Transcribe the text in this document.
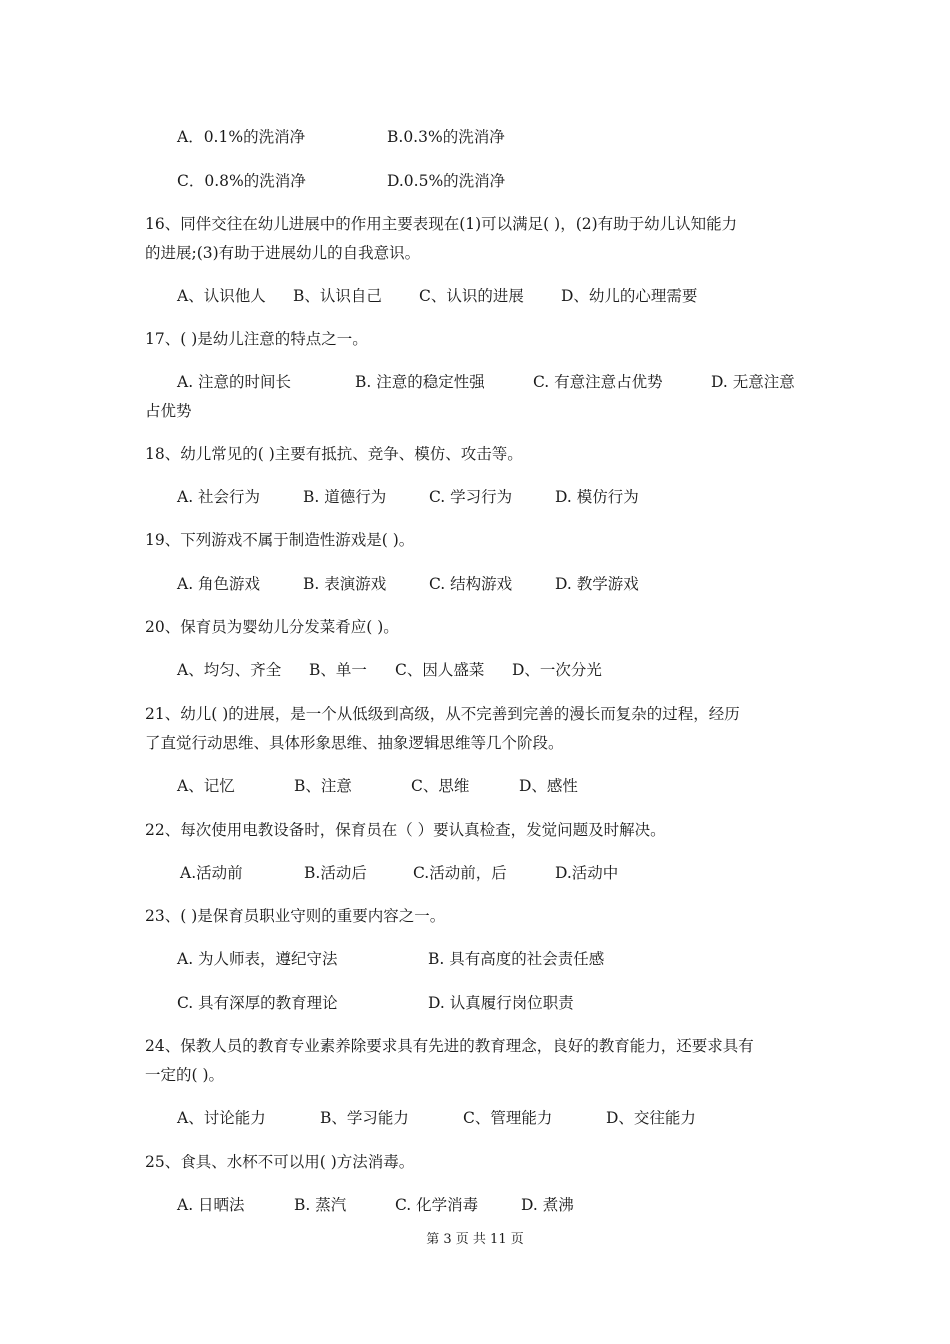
A．0.1%的洗消净	B.0.3%的洗消净
C．0.8%的洗消净	D.0.5%的洗消净
16、同伴交往在幼儿进展中的作用主要表现在(1)可以满足( )，(2)有助于幼儿认知能力
的进展;(3)有助于进展幼儿的自我意识。
A、认识他人	B、认识自己	C、认识的进展	D、幼儿的心理需要
17、( )是幼儿注意的特点之一。
A. 注意的时间长	B. 注意的稳定性强	C. 有意注意占优势	D. 无意注意
占优势
18、幼儿常见的( )主要有抵抗、竞争、模仿、攻击等。
A. 社会行为	B. 道德行为	C. 学习行为	D. 模仿行为
19、下列游戏不属于制造性游戏是( )。
A. 角色游戏	B. 表演游戏	C. 结构游戏	D. 教学游戏
20、保育员为婴幼儿分发菜肴应( )。
A、均匀、齐全	B、单一	C、因人盛菜	D、一次分光
21、幼儿( )的进展，是一个从低级到高级，从不完善到完善的漫长而复杂的过程，经历
了直觉行动思维、具体形象思维、抽象逻辑思维等几个阶段。
A、记忆	B、注意	C、思维	D、感性
22、每次使用电教设备时，保育员在（ ）要认真检查，发觉问题及时解决。
A.活动前	B.活动后	C.活动前，后	D.活动中
23、( )是保育员职业守则的重要内容之一。
A. 为人师表，遵纪守法	B. 具有高度的社会责任感
C. 具有深厚的教育理论	D. 认真履行岗位职责
24、保教人员的教育专业素养除要求具有先进的教育理念，良好的教育能力，还要求具有
一定的( )。
A、讨论能力	B、学习能力	C、管理能力	D、交往能力
25、食具、水杯不可以用( )方法消毒。
A. 日晒法	B. 蒸汽	C. 化学消毒	D. 煮沸
第 3 页 共 11 页
